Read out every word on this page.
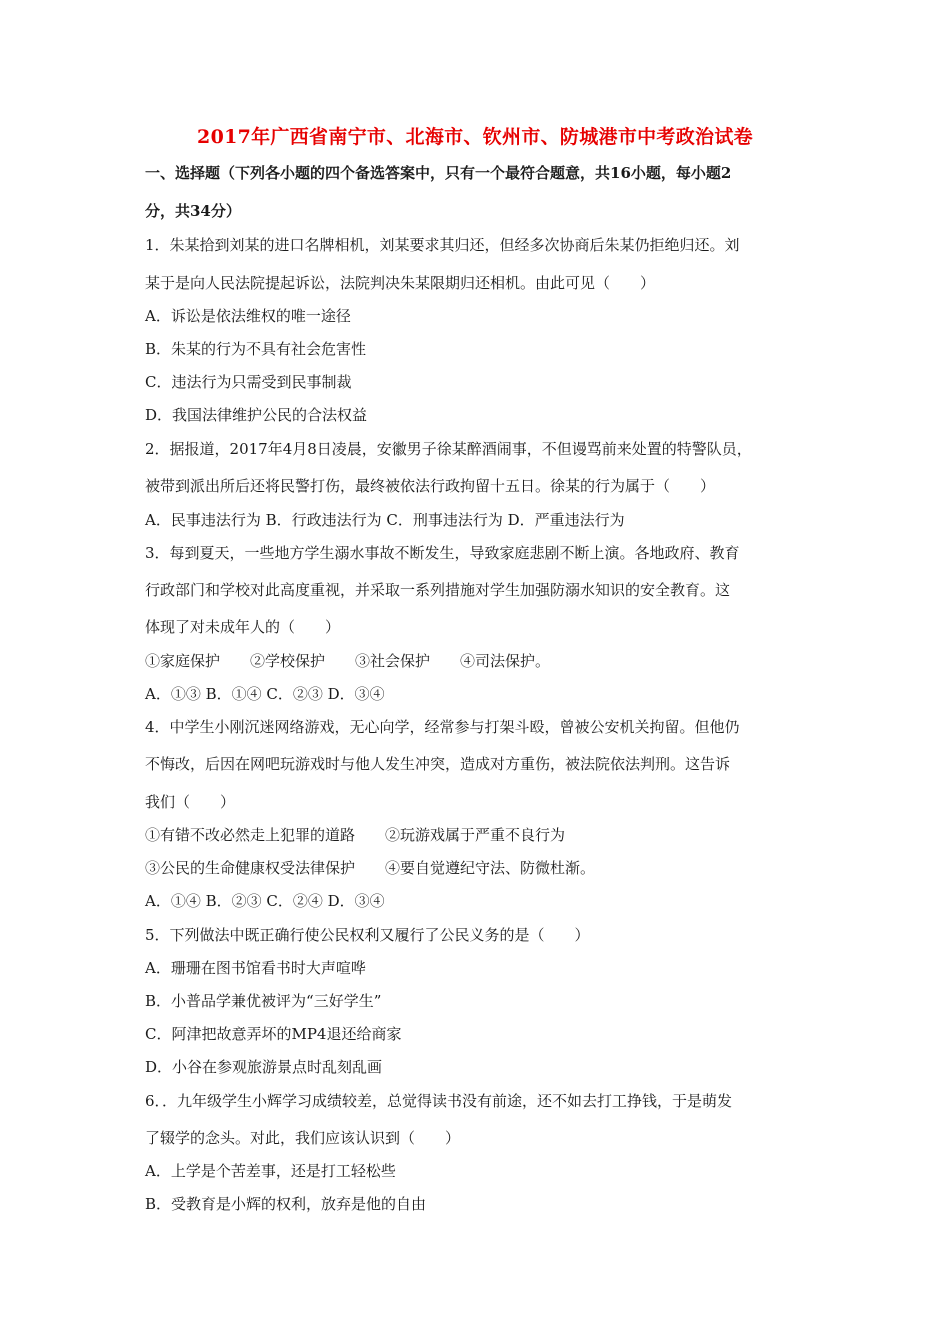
2017年广西省南宁市、北海市、钦州市、防城港市中考政治试卷
一、选择题（下列各小题的四个备选答案中，只有一个最符合题意，共16小题，每小题2
分，共34分）
1．朱某拾到刘某的进口名牌相机，刘某要求其归还，但经多次协商后朱某仍拒绝归还。刘
某于是向人民法院提起诉讼，法院判决朱某限期归还相机。由此可见（　　）
A．诉讼是依法维权的唯一途径
B．朱某的行为不具有社会危害性
C．违法行为只需受到民事制裁
D．我国法律维护公民的合法权益
2．据报道，2017年4月8日凌晨，安徽男子徐某醉酒闹事，不但谩骂前来处置的特警队员，
被带到派出所后还将民警打伤，最终被依法行政拘留十五日。徐某的行为属于（　　）
A．民事违法行为 B．行政违法行为 C．刑事违法行为 D．严重违法行为
3．每到夏天，一些地方学生溺水事故不断发生，导致家庭悲剧不断上演。各地政府、教育
行政部门和学校对此高度重视，并采取一系列措施对学生加强防溺水知识的安全教育。这
体现了对未成年人的（　　）
①家庭保护　　②学校保护　　③社会保护　　④司法保护。
A．①③ B．①④ C．②③ D．③④
4．中学生小刚沉迷网络游戏，无心向学，经常参与打架斗殴，曾被公安机关拘留。但他仍
不悔改，后因在网吧玩游戏时与他人发生冲突，造成对方重伤，被法院依法判刑。这告诉
我们（　　）
①有错不改必然走上犯罪的道路　　②玩游戏属于严重不良行为
③公民的生命健康权受法律保护　　④要自觉遵纪守法、防微杜渐。
A．①④ B．②③ C．②④ D．③④
5．下列做法中既正确行使公民权利又履行了公民义务的是（　　）
A．珊珊在图书馆看书时大声喧哗
B．小普品学兼优被评为“三好学生”
C．阿津把故意弄坏的MP4退还给商家
D．小谷在参观旅游景点时乱刻乱画
6．．九年级学生小辉学习成绩较差，总觉得读书没有前途，还不如去打工挣钱，于是萌发
了辍学的念头。对此，我们应该认识到（　　）
A．上学是个苦差事，还是打工轻松些
B．受教育是小辉的权利，放弃是他的自由
